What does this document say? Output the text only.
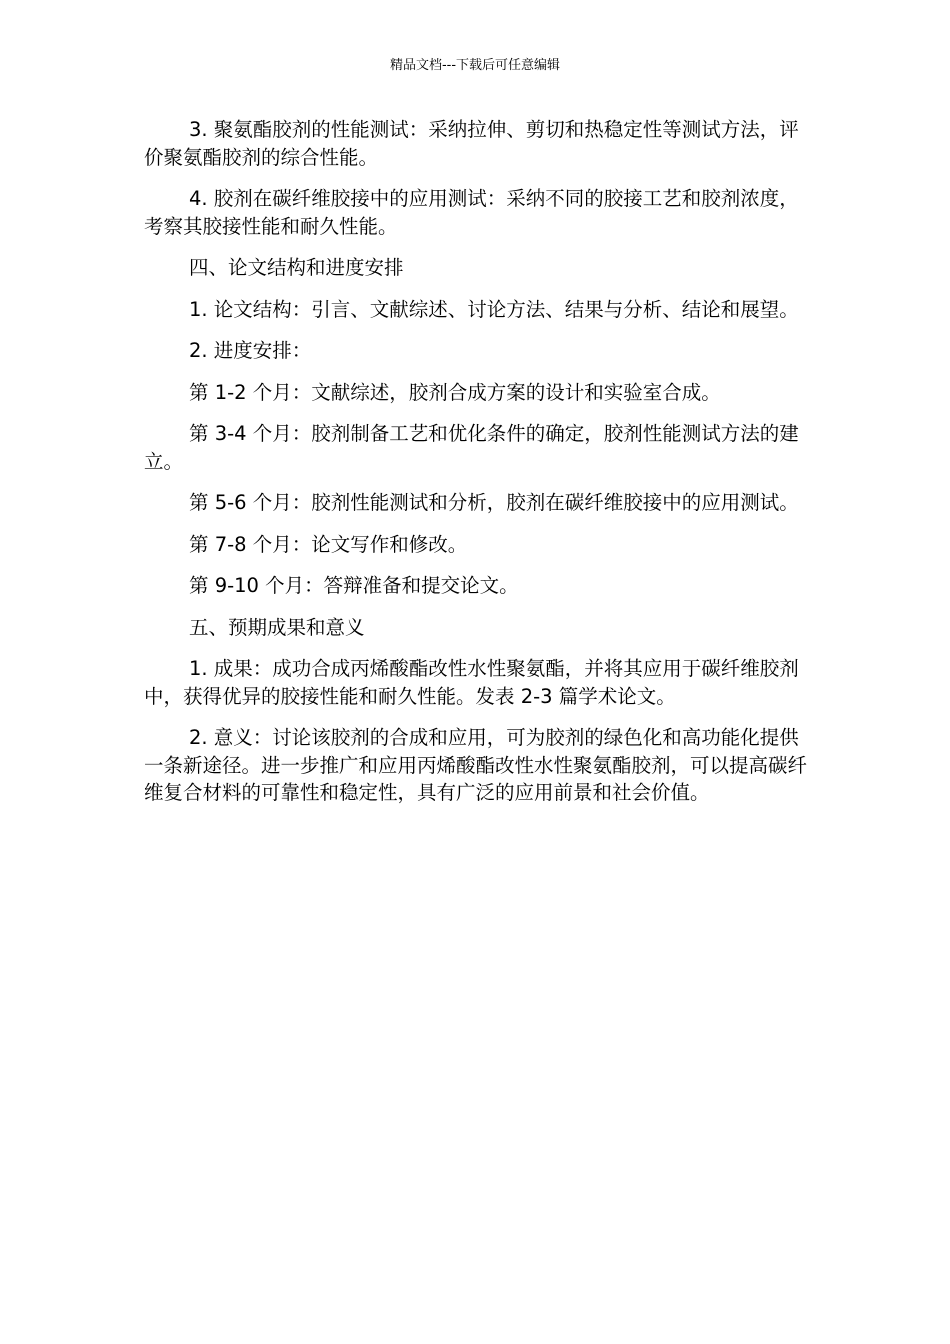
精品文档---下载后可任意编辑

3. 聚氨酯胶剂的性能测试：采纳拉伸、剪切和热稳定性等测试方法，评价聚氨酯胶剂的综合性能。

4. 胶剂在碳纤维胶接中的应用测试：采纳不同的胶接工艺和胶剂浓度，考察其胶接性能和耐久性能。

四、论文结构和进度安排

1. 论文结构：引言、文献综述、讨论方法、结果与分析、结论和展望。

2. 进度安排：

第 1-2 个月：文献综述，胶剂合成方案的设计和实验室合成。

第 3-4 个月：胶剂制备工艺和优化条件的确定，胶剂性能测试方法的建立。

第 5-6 个月：胶剂性能测试和分析，胶剂在碳纤维胶接中的应用测试。

第 7-8 个月：论文写作和修改。

第 9-10 个月：答辩准备和提交论文。

五、预期成果和意义

1. 成果：成功合成丙烯酸酯改性水性聚氨酯，并将其应用于碳纤维胶剂中，获得优异的胶接性能和耐久性能。发表 2-3 篇学术论文。

2. 意义：讨论该胶剂的合成和应用，可为胶剂的绿色化和高功能化提供一条新途径。进一步推广和应用丙烯酸酯改性水性聚氨酯胶剂，可以提高碳纤维复合材料的可靠性和稳定性，具有广泛的应用前景和社会价值。
